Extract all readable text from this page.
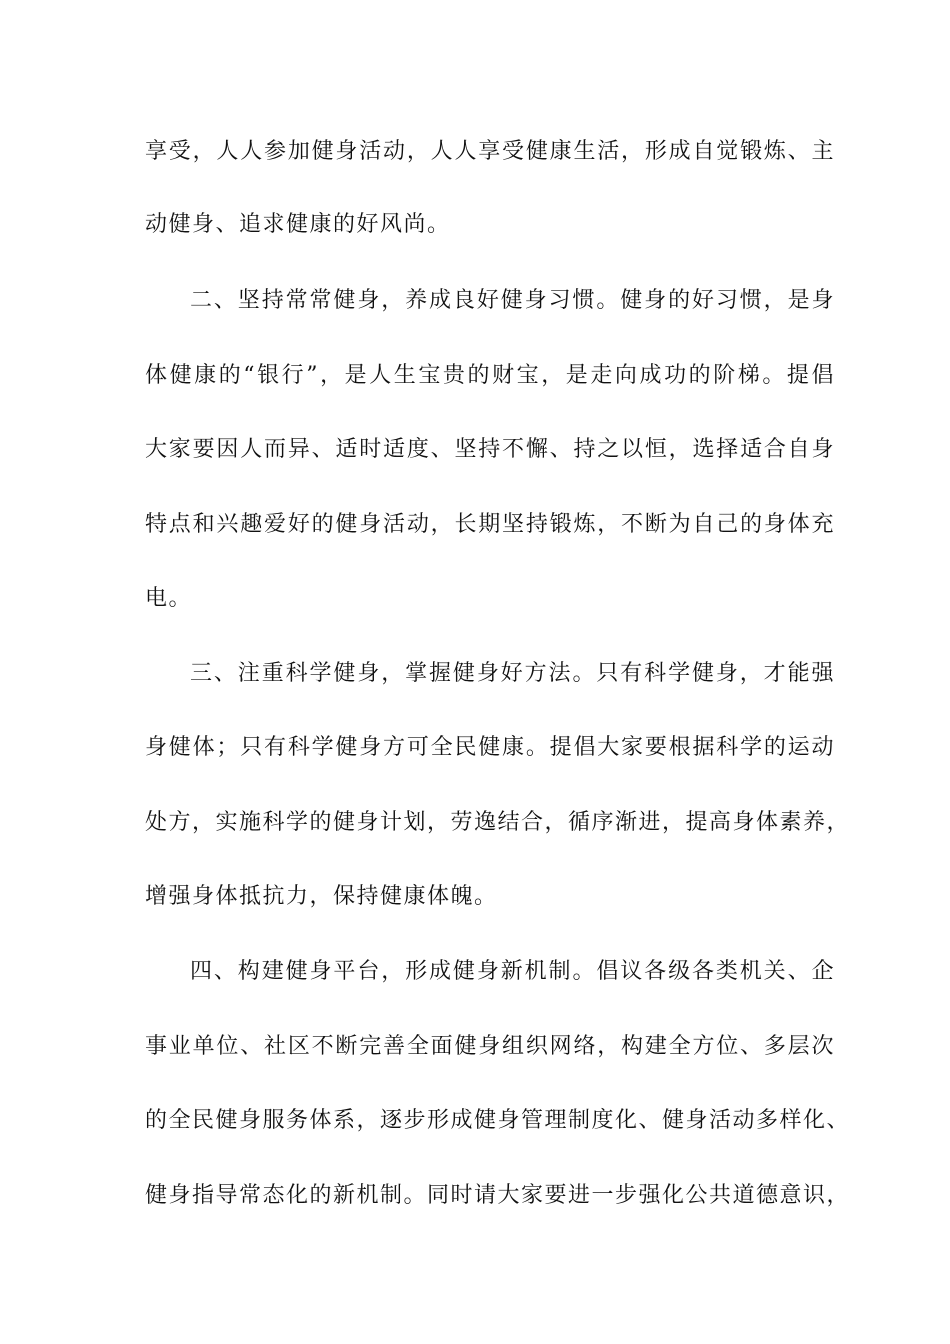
享受，人人参加健身活动，人人享受健康生活，形成自觉锻炼、主
动健身、追求健康的好风尚。
二、坚持常常健身，养成良好健身习惯。健身的好习惯，是身
体健康的“银行”，是人生宝贵的财宝，是走向成功的阶梯。提倡
大家要因人而异、适时适度、坚持不懈、持之以恒，选择适合自身
特点和兴趣爱好的健身活动，长期坚持锻炼，不断为自己的身体充
电。
三、注重科学健身，掌握健身好方法。只有科学健身，才能强
身健体；只有科学健身方可全民健康。提倡大家要根据科学的运动
处方，实施科学的健身计划，劳逸结合，循序渐进，提高身体素养，
增强身体抵抗力，保持健康体魄。
四、构建健身平台，形成健身新机制。倡议各级各类机关、企
事业单位、社区不断完善全面健身组织网络，构建全方位、多层次
的全民健身服务体系，逐步形成健身管理制度化、健身活动多样化、
健身指导常态化的新机制。同时请大家要进一步强化公共道德意识，
